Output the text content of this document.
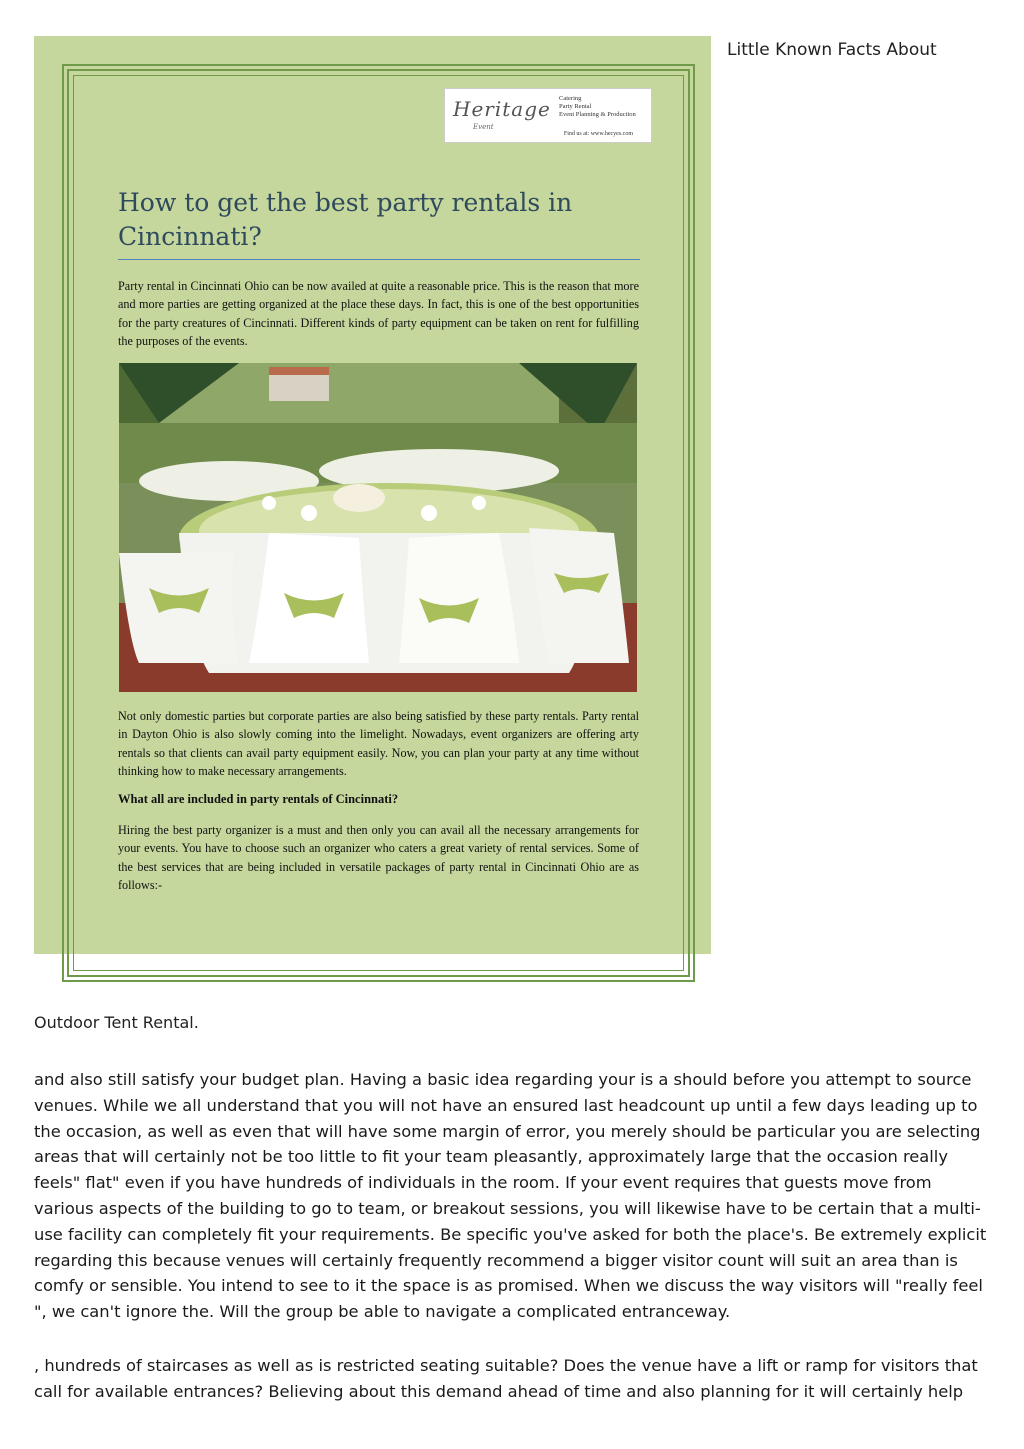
Little Known Facts About
Heritage
Event
Catering
Party Rental
Event Planning & Production
Find us at: www.hecyes.com
How to get the best party rentals in Cincinnati?

Party rental in Cincinnati Ohio can be now availed at quite a reasonable price. This is the reason that more and more parties are getting organized at the place these days. In fact, this is one of the best opportunities for the party creatures of Cincinnati. Different kinds of party equipment can be taken on rent for fulfilling the purposes of the events.

Not only domestic parties but corporate parties are also being satisfied by these party rentals. Party rental in Dayton Ohio is also slowly coming into the limelight. Nowadays, event organizers are offering arty rentals so that clients can avail party equipment easily. Now, you can plan your party at any time without thinking how to make necessary arrangements.

What all are included in party rentals of Cincinnati?

Hiring the best party organizer is a must and then only you can avail all the necessary arrangements for your events. You have to choose such an organizer who caters a great variety of rental services. Some of the best services that are being included in versatile packages of party rental in Cincinnati Ohio are as follows:-

Outdoor Tent Rental.

and also still satisfy your budget plan. Having a basic idea regarding your is a should before you attempt to source venues. While we all understand that you will not have an ensured last headcount up until a few days leading up to the occasion, as well as even that will have some margin of error, you merely should be particular you are selecting areas that will certainly not be too little to fit your team pleasantly, approximately large that the occasion really feels" flat" even if you have hundreds of individuals in the room. If your event requires that guests move from various aspects of the building to go to team, or breakout sessions, you will likewise have to be certain that a multi-use facility can completely fit your requirements. Be specific you've asked for both the place's. Be extremely explicit regarding this because venues will certainly frequently recommend a bigger visitor count will suit an area than is comfy or sensible. You intend to see to it the space is as promised. When we discuss the way visitors will "really feel ", we can't ignore the. Will the group be able to navigate a complicated entranceway.

, hundreds of staircases as well as is restricted seating suitable? Does the venue have a lift or ramp for visitors that call for available entrances? Believing about this demand ahead of time and also planning for it will certainly help
